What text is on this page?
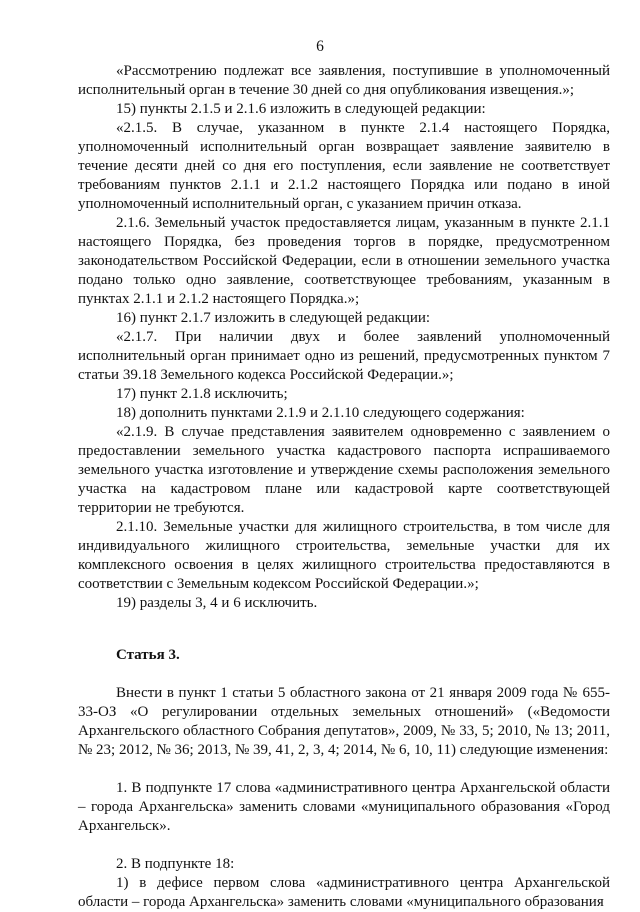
6

«Рассмотрению подлежат все заявления, поступившие в уполномоченный исполнительный орган в течение 30 дней со дня опубликования извещения.»;

15) пункты 2.1.5 и 2.1.6 изложить в следующей редакции:

«2.1.5. В случае, указанном в пункте 2.1.4 настоящего Порядка, уполномоченный исполнительный орган возвращает заявление заявителю в течение десяти дней со дня его поступления, если заявление не соответствует требованиям пунктов 2.1.1 и 2.1.2 настоящего Порядка или подано в иной уполномоченный исполнительный орган, с указанием причин отказа.

2.1.6. Земельный участок предоставляется лицам, указанным в пункте 2.1.1 настоящего Порядка, без проведения торгов в порядке, предусмотренном законодательством Российской Федерации, если в отношении земельного участка подано только одно заявление, соответствующее требованиям, указанным в пунктах 2.1.1 и 2.1.2 настоящего Порядка.»;

16) пункт 2.1.7 изложить в следующей редакции:

«2.1.7. При наличии двух и более заявлений уполномоченный исполнительный орган принимает одно из решений, предусмотренных пунктом 7 статьи 39.18 Земельного кодекса Российской Федерации.»;

17) пункт 2.1.8 исключить;

18) дополнить пунктами 2.1.9 и 2.1.10 следующего содержания:

«2.1.9. В случае представления заявителем одновременно с заявлением о предоставлении земельного участка кадастрового паспорта испрашиваемого земельного участка изготовление и утверждение схемы расположения земельного участка на кадастровом плане или кадастровой карте соответствующей территории не требуются.

2.1.10. Земельные участки для жилищного строительства, в том числе для индивидуального жилищного строительства, земельные участки для их комплексного освоения в целях жилищного строительства предоставляются в соответствии с Земельным кодексом Российской Федерации.»;

19) разделы 3, 4 и 6 исключить.

Статья 3.

Внести в пункт 1 статьи 5 областного закона от 21 января 2009 года № 655-33-ОЗ «О регулировании отдельных земельных отношений» («Ведомости Архангельского областного Собрания депутатов», 2009, № 33, 5; 2010, № 13; 2011, № 23; 2012, № 36; 2013, № 39, 41, 2, 3, 4; 2014, № 6, 10, 11) следующие изменения:

1. В подпункте 17 слова «административного центра Архангельской области – города Архангельска» заменить словами «муниципального образования «Город Архангельск».

2. В подпункте 18:

1) в дефисе первом слова «административного центра Архангельской области – города Архангельска» заменить словами «муниципального образования
